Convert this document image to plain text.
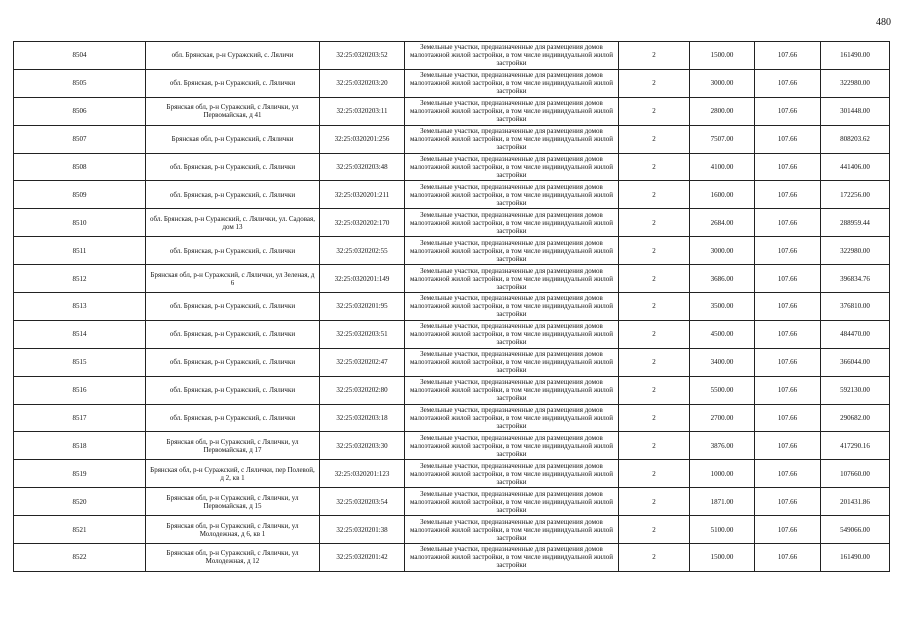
480
8504	обл. Брянская, р-н Суражский, с. Ляличи	32:25:0320203:52	Земельные участки, предназначенные для размещения домов малоэтажной жилой застройки, в том числе индивидуальной жилой застройки	2	1500.00	107.66	161490.00
8505	обл. Брянская, р-н Суражский, с. Лялички	32:25:0320203:20	Земельные участки, предназначенные для размещения домов малоэтажной жилой застройки, в том числе индивидуальной жилой застройки	2	3000.00	107.66	322980.00
8506	Брянская обл, р-н Суражский, с Лялички, ул Первомайская, д 41	32:25:0320203:11	Земельные участки, предназначенные для размещения домов малоэтажной жилой застройки, в том числе индивидуальной жилой застройки	2	2800.00	107.66	301448.00
8507	Брянская обл, р-н Суражский, с Лялички	32:25:0320201:256	Земельные участки, предназначенные для размещения домов малоэтажной жилой застройки, в том числе индивидуальной жилой застройки	2	7507.00	107.66	808203.62
8508	обл. Брянская, р-н Суражский, с. Лялички	32:25:0320203:48	Земельные участки, предназначенные для размещения домов малоэтажной жилой застройки, в том числе индивидуальной жилой застройки	2	4100.00	107.66	441406.00
8509	обл. Брянская, р-н Суражский, с. Лялички	32:25:0320201:211	Земельные участки, предназначенные для размещения домов малоэтажной жилой застройки, в том числе индивидуальной жилой застройки	2	1600.00	107.66	172256.00
8510	обл. Брянская, р-н Суражский, с. Лялички, ул. Садовая, дом 13	32:25:0320202:170	Земельные участки, предназначенные для размещения домов малоэтажной жилой застройки, в том числе индивидуальной жилой застройки	2	2684.00	107.66	288959.44
8511	обл. Брянская, р-н Суражский, с. Лялички	32:25:0320202:55	Земельные участки, предназначенные для размещения домов малоэтажной жилой застройки, в том числе индивидуальной жилой застройки	2	3000.00	107.66	322980.00
8512	Брянская обл, р-н Суражский, с Лялички, ул Зеленая, д 6	32:25:0320201:149	Земельные участки, предназначенные для размещения домов малоэтажной жилой застройки, в том числе индивидуальной жилой застройки	2	3686.00	107.66	396834.76
8513	обл. Брянская, р-н Суражский, с. Лялички	32:25:0320201:95	Земельные участки, предназначенные для размещения домов малоэтажной жилой застройки, в том числе индивидуальной жилой застройки	2	3500.00	107.66	376810.00
8514	обл. Брянская, р-н Суражский, с. Лялички	32:25:0320203:51	Земельные участки, предназначенные для размещения домов малоэтажной жилой застройки, в том числе индивидуальной жилой застройки	2	4500.00	107.66	484470.00
8515	обл. Брянская, р-н Суражский, с. Лялички	32:25:0320202:47	Земельные участки, предназначенные для размещения домов малоэтажной жилой застройки, в том числе индивидуальной жилой застройки	2	3400.00	107.66	366044.00
8516	обл. Брянская, р-н Суражский, с. Лялички	32:25:0320202:80	Земельные участки, предназначенные для размещения домов малоэтажной жилой застройки, в том числе индивидуальной жилой застройки	2	5500.00	107.66	592130.00
8517	обл. Брянская, р-н Суражский, с. Лялички	32:25:0320203:18	Земельные участки, предназначенные для размещения домов малоэтажной жилой застройки, в том числе индивидуальной жилой застройки	2	2700.00	107.66	290682.00
8518	Брянская обл, р-н Суражский, с Лялички, ул Первомайская, д 17	32:25:0320203:30	Земельные участки, предназначенные для размещения домов малоэтажной жилой застройки, в том числе индивидуальной жилой застройки	2	3876.00	107.66	417290.16
8519	Брянская обл, р-н Суражский, с Лялички, пер Полевой, д 2, кв 1	32:25:0320201:123	Земельные участки, предназначенные для размещения домов малоэтажной жилой застройки, в том числе индивидуальной жилой застройки	2	1000.00	107.66	107660.00
8520	Брянская обл, р-н Суражский, с Лялички, ул Первомайская, д 15	32:25:0320203:54	Земельные участки, предназначенные для размещения домов малоэтажной жилой застройки, в том числе индивидуальной жилой застройки	2	1871.00	107.66	201431.86
8521	Брянская обл, р-н Суражский, с Лялички, ул Молодежная, д 6, кв 1	32:25:0320201:38	Земельные участки, предназначенные для размещения домов малоэтажной жилой застройки, в том числе индивидуальной жилой застройки	2	5100.00	107.66	549066.00
8522	Брянская обл, р-н Суражский, с Лялички, ул Молодежная, д 12	32:25:0320201:42	Земельные участки, предназначенные для размещения домов малоэтажной жилой застройки, в том числе индивидуальной жилой застройки	2	1500.00	107.66	161490.00
